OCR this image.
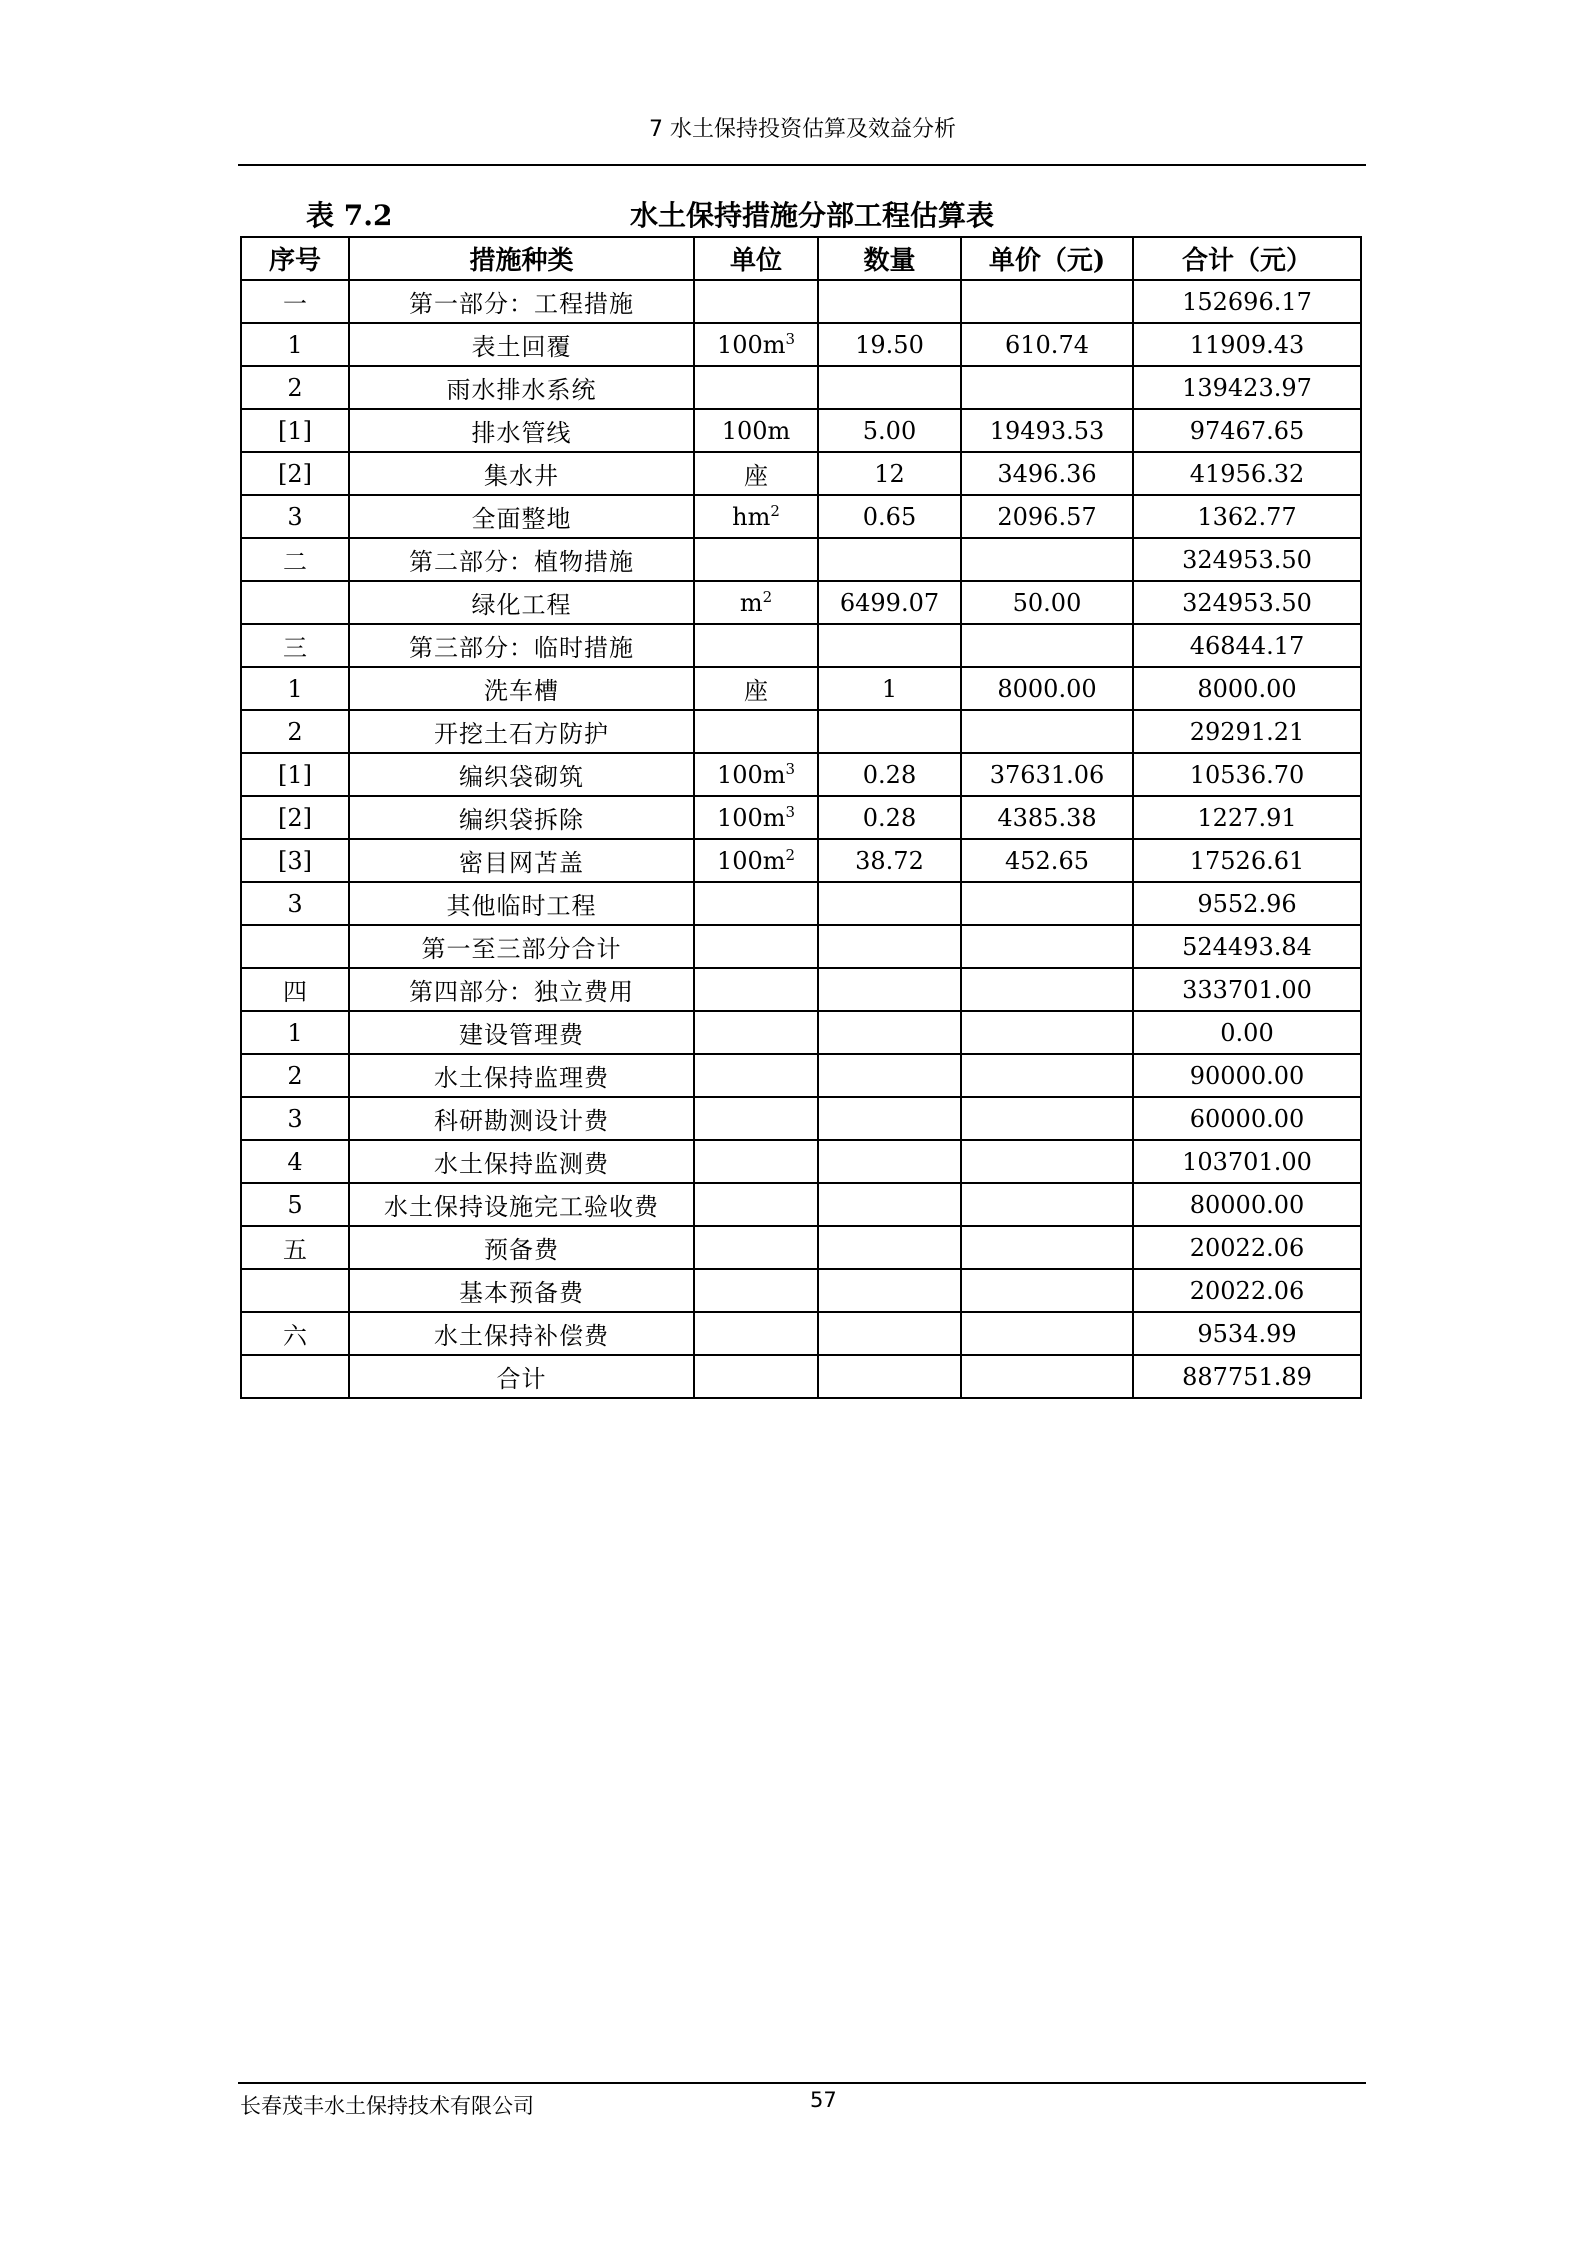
7 水土保持投资估算及效益分析
表 7.2	水土保持措施分部工程估算表
序号	措施种类	单位	数量	单价（元)	合计（元）
一	第一部分：工程措施				152696.17
1	表土回覆	$100m^3$	19.50	610.74	11909.43
2	雨水排水系统				139423.97
[1]	排水管线	100m	5.00	19493.53	97467.65
[2]	集水井	座	12	3496.36	41956.32
3	全面整地	$hm^2$	0.65	2096.57	1362.77
二	第二部分：植物措施				324953.50
	绿化工程	$m^2$	6499.07	50.00	324953.50
三	第三部分：临时措施				46844.17
1	洗车槽	座	1	8000.00	8000.00
2	开挖土石方防护				29291.21
[1]	编织袋砌筑	$100m^3$	0.28	37631.06	10536.70
[2]	编织袋拆除	$100m^3$	0.28	4385.38	1227.91
[3]	密目网苫盖	$100m^2$	38.72	452.65	17526.61
3	其他临时工程				9552.96
	第一至三部分合计				524493.84
四	第四部分：独立费用				333701.00
1	建设管理费				0.00
2	水土保持监理费				90000.00
3	科研勘测设计费				60000.00
4	水土保持监测费				103701.00
5	水土保持设施完工验收费				80000.00
五	预备费				20022.06
	基本预备费				20022.06
六	水土保持补偿费				9534.99
	合计				887751.89
长春茂丰水土保持技术有限公司	57
